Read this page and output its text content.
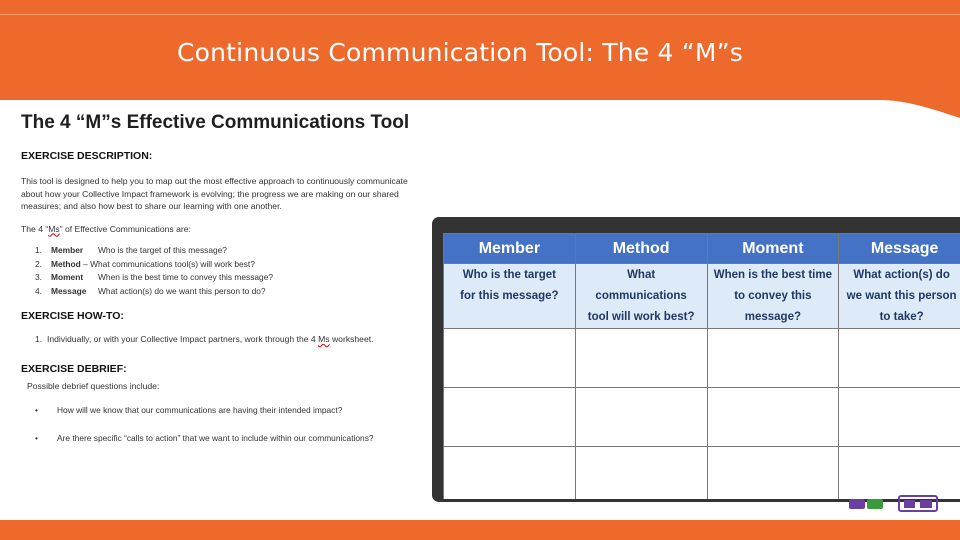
Continuous Communication Tool: The 4 “M”s
The 4 “M”s Effective Communications Tool

EXERCISE DESCRIPTION:

This tool is designed to help you to map out the most effective approach to continuously communicate

about how your Collective Impact framework is evolving; the progress we are making on our shared

measures; and also how best to share our learning with one another.

The 4 “Ms” of Effective Communications are:

1. Member Who is the target of this message?
2. Method – What communications tool(s) will work best?
3. Moment When is the best time to convey this message?
4. Message What action(s) do we want this person to do?

EXERCISE HOW-TO:

1. Individually, or with your Collective Impact partners, work through the 4 Ms worksheet.

EXERCISE DEBRIEF:

Possible debrief questions include:

• How will we know that our communications are having their intended impact?
• Are there specific “calls to action” that we want to include within our communications?
Member	Method	Moment	Message
Who is the target for this message?	What communications tool will work best?	When is the best time to convey this message?	What action(s) do we want this person to take?
